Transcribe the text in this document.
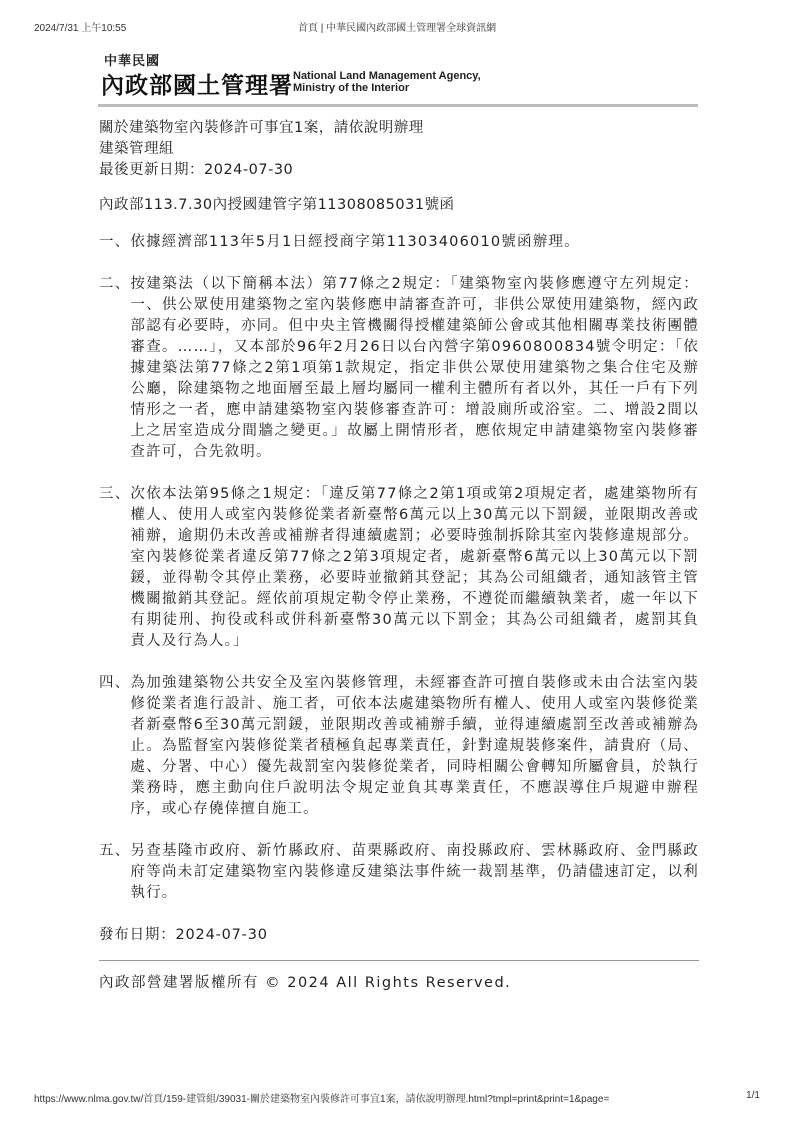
2024/7/31 上午10:55	首頁 | 中華民國內政部國土管理署全球資訊網
中華民國
內政部國土管理署 National Land Management Agency,
Ministry of the Interior
關於建築物室內裝修許可事宜1案，請依說明辦理
建築管理組
最後更新日期：2024-07-30
內政部113.7.30內授國建管字第11308085031號函
一、 依據經濟部113年5月1日經授商字第11303406010號函辦理。
二、 按建築法（以下簡稱本法）第77條之2規定：「建築物室內裝修應遵守左列規定：一、供公眾使用建築物之室內裝修應申請審查許可，非供公眾使用建築物，經內政部認有必要時，亦同。但中央主管機關得授權建築師公會或其他相關專業技術團體審查。……」，又本部於96年2月26日以台內營字第0960800834號令明定：「依據建築法第77條之2第1項第1款規定，指定非供公眾使用建築物之集合住宅及辦公廳，除建築物之地面層至最上層均屬同一權利主體所有者以外，其任一戶有下列情形之一者，應申請建築物室內裝修審查許可：增設廁所或浴室。二、增設2間以上之居室造成分間牆之變更。」故屬上開情形者，應依規定申請建築物室內裝修審查許可，合先敘明。
三、 次依本法第95條之1規定：「違反第77條之2第1項或第2項規定者，處建築物所有權人、使用人或室內裝修從業者新臺幣6萬元以上30萬元以下罰鍰，並限期改善或補辦，逾期仍未改善或補辦者得連續處罰；必要時強制拆除其室內裝修違規部分。室內裝修從業者違反第77條之2第3項規定者，處新臺幣6萬元以上30萬元以下罰鍰，並得勒令其停止業務，必要時並撤銷其登記；其為公司組織者，通知該管主管機關撤銷其登記。經依前項規定勒令停止業務，不遵從而繼續執業者，處一年以下有期徒刑、拘役或科或併科新臺幣30萬元以下罰金；其為公司組織者，處罰其負責人及行為人。」
四、 為加強建築物公共安全及室內裝修管理，未經審查許可擅自裝修或未由合法室內裝修從業者進行設計、施工者，可依本法處建築物所有權人、使用人或室內裝修從業者新臺幣6至30萬元罰鍰，並限期改善或補辦手續，並得連續處罰至改善或補辦為止。為監督室內裝修從業者積極負起專業責任，針對違規裝修案件，請貴府（局、處、分署、中心）優先裁罰室內裝修從業者，同時相關公會轉知所屬會員，於執行業務時，應主動向住戶說明法令規定並負其專業責任，不應誤導住戶規避申辦程序，或心存僥倖擅自施工。
五、 另查基隆市政府、新竹縣政府、苗栗縣政府、南投縣政府、雲林縣政府、金門縣政府等尚未訂定建築物室內裝修違反建築法事件統一裁罰基準，仍請儘速訂定，以利執行。
發布日期：2024-07-30
內政部營建署版權所有 © 2024 All Rights Reserved.
https://www.nlma.gov.tw/首頁/159-建管組/39031-關於建築物室內裝修許可事宜1案，請依說明辦理.html?tmpl=print&print=1&page=	1/1
